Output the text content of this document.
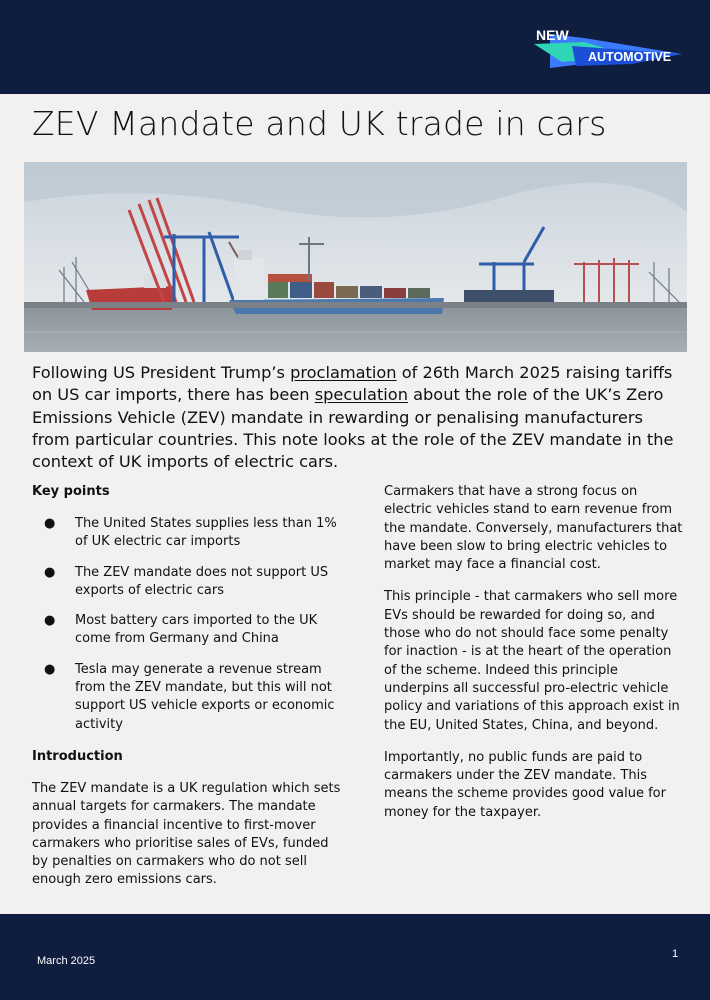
NEW
AUTOMOTIVE
ZEV Mandate and UK trade in cars

Following US President Trump’s proclamation of 26th March 2025 raising tariffs on US car imports, there has been speculation about the role of the UK’s Zero Emissions Vehicle (ZEV) mandate in rewarding or penalising manufacturers from particular countries. This note looks at the role of the ZEV mandate in the context of UK imports of electric cars.

Key points
● The United States supplies less than 1% of UK electric car imports
● The ZEV mandate does not support US exports of electric cars
● Most battery cars imported to the UK come from Germany and China
● Tesla may generate a revenue stream from the ZEV mandate, but this will not support US vehicle exports or economic activity
Introduction

The ZEV mandate is a UK regulation which sets annual targets for carmakers. The mandate provides a financial incentive to first-mover carmakers who prioritise sales of EVs, funded by penalties on carmakers who do not sell enough zero emissions cars.

Carmakers that have a strong focus on electric vehicles stand to earn revenue from the mandate. Conversely, manufacturers that have been slow to bring electric vehicles to market may face a financial cost.

This principle - that carmakers who sell more EVs should be rewarded for doing so, and those who do not should face some penalty for inaction - is at the heart of the operation of the scheme. Indeed this principle underpins all successful pro-electric vehicle policy and variations of this approach exist in the EU, United States, China, and beyond.

Importantly, no public funds are paid to carmakers under the ZEV mandate. This means the scheme provides good value for money for the taxpayer.

March 2025
1
